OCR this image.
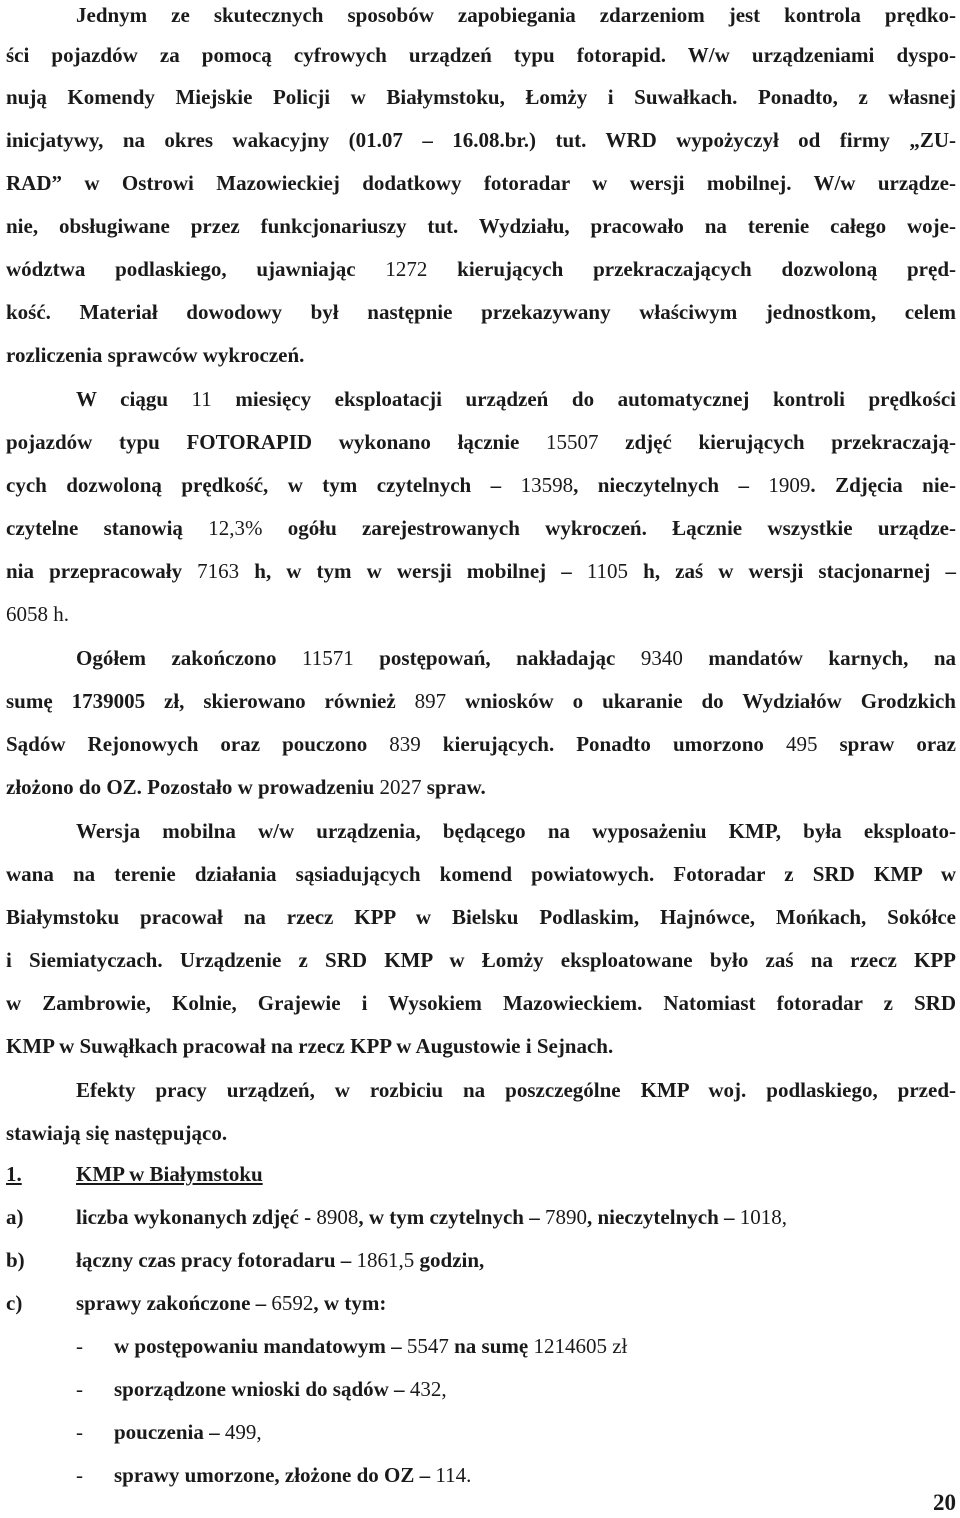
Jednym ze skutecznych sposobów zapobiegania zdarzeniom jest kontrola prędko-
ści pojazdów za pomocą cyfrowych urządzeń typu fotorapid. W/w urządzeniami dyspo-
nują Komendy Miejskie Policji w Białymstoku, Łomży i Suwałkach. Ponadto, z własnej
inicjatywy, na okres wakacyjny (01.07 – 16.08.br.) tut. WRD wypożyczył od firmy „ZU-
RAD” w Ostrowi Mazowieckiej dodatkowy fotoradar w wersji mobilnej. W/w urządze-
nie, obsługiwane przez funkcjonariuszy tut. Wydziału, pracowało na terenie całego woje-
wództwa podlaskiego, ujawniając 1272 kierujących przekraczających dozwoloną pręd-
kość. Materiał dowodowy był następnie przekazywany właściwym jednostkom, celem
rozliczenia sprawców wykroczeń.
W ciągu 11 miesięcy eksploatacji urządzeń do automatycznej kontroli prędkości
pojazdów typu FOTORAPID wykonano łącznie 15507 zdjęć kierujących przekraczają-
cych dozwoloną prędkość, w tym czytelnych – 13598, nieczytelnych – 1909. Zdjęcia nie-
czytelne stanowią 12,3% ogółu zarejestrowanych wykroczeń. Łącznie wszystkie urządze-
nia przepracowały 7163 h, w tym w wersji mobilnej – 1105 h, zaś w wersji stacjonarnej –
6058 h.
Ogółem zakończono 11571 postępowań, nakładając 9340 mandatów karnych, na
sumę 1739005 zł, skierowano również 897 wniosków o ukaranie do Wydziałów Grodzkich
Sądów Rejonowych oraz pouczono 839 kierujących. Ponadto umorzono 495 spraw oraz
złożono do OZ. Pozostało w prowadzeniu 2027 spraw.
Wersja mobilna w/w urządzenia, będącego na wyposażeniu KMP, była eksploato-
wana na terenie działania sąsiadujących komend powiatowych. Fotoradar z SRD KMP w
Białymstoku pracował na rzecz KPP w Bielsku Podlaskim, Hajnówce, Mońkach, Sokółce
i Siemiatyczach. Urządzenie z SRD KMP w Łomży eksploatowane było zaś na rzecz KPP
w Zambrowie, Kolnie, Grajewie i Wysokiem Mazowieckiem. Natomiast fotoradar z SRD
KMP w Suwąłkach pracował na rzecz KPP w Augustowie i Sejnach.
Efekty pracy urządzeń, w rozbiciu na poszczególne KMP woj. podlaskiego, przed-
stawiają się następująco.
1.	KMP w Białymstoku
a)	liczba wykonanych zdjęć - 8908, w tym czytelnych – 7890, nieczytelnych – 1018,
b) łączny czas pracy fotoradaru – 1861,5 godzin,
c)	sprawy zakończone – 6592, w tym:
- w postępowaniu mandatowym – 5547 na sumę 1214605 zł
- sporządzone wnioski do sądów – 432,
- pouczenia – 499,
- sprawy umorzone, złożone do OZ – 114.
20
